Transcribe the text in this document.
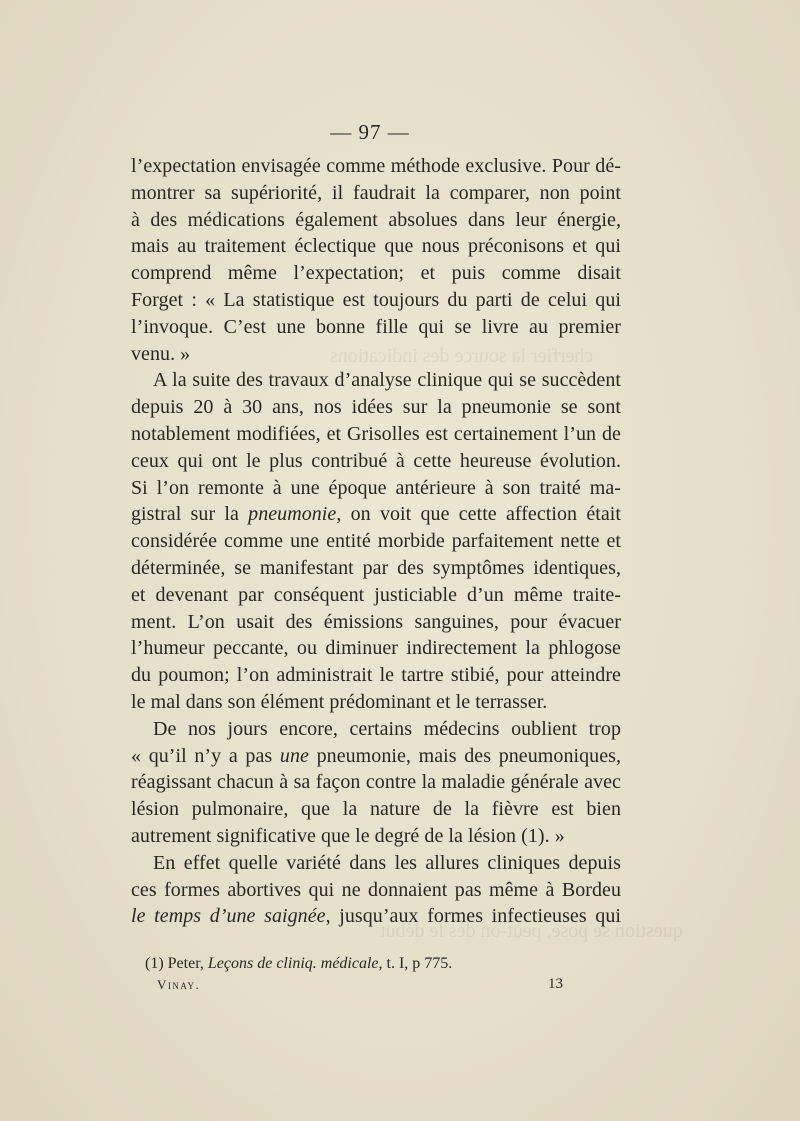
cherfier la source des indications
question se pose, peut-on dès le début
— 97 —
l’expectation envisagée comme méthode exclusive. Pour dé-
montrer sa supériorité, il faudrait la comparer, non point
à des médications également absolues dans leur énergie,
mais au traitement éclectique que nous préconisons et qui
comprend même l’expectation; et puis comme disait
Forget : « La statistique est toujours du parti de celui qui
l’invoque. C’est une bonne fille qui se livre au premier
venu. »
A la suite des travaux d’analyse clinique qui se succèdent
depuis 20 à 30 ans, nos idées sur la pneumonie se sont
notablement modifiées, et Grisolles est certainement l’un de
ceux qui ont le plus contribué à cette heureuse évolution.
Si l’on remonte à une époque antérieure à son traité ma-
gistral sur la pneumonie, on voit que cette affection était
considérée comme une entité morbide parfaitement nette et
déterminée, se manifestant par des symptômes identiques,
et devenant par conséquent justiciable d’un même traite-
ment. L’on usait des émissions sanguines, pour évacuer
l’humeur peccante, ou diminuer indirectement la phlogose
du poumon; l’on administrait le tartre stibié, pour atteindre
le mal dans son élément prédominant et le terrasser.
De nos jours encore, certains médecins oublient trop
« qu’il n’y a pas une pneumonie, mais des pneumoniques,
réagissant chacun à sa façon contre la maladie générale avec
lésion pulmonaire, que la nature de la fièvre est bien
autrement significative que le degré de la lésion (1). »
En effet quelle variété dans les allures cliniques depuis
ces formes abortives qui ne donnaient pas même à Bordeu
le temps d’une saignée, jusqu’aux formes infectieuses qui
(1) Peter, Leçons de cliniq. médicale, t. I, p 775.
Vinay.	13
